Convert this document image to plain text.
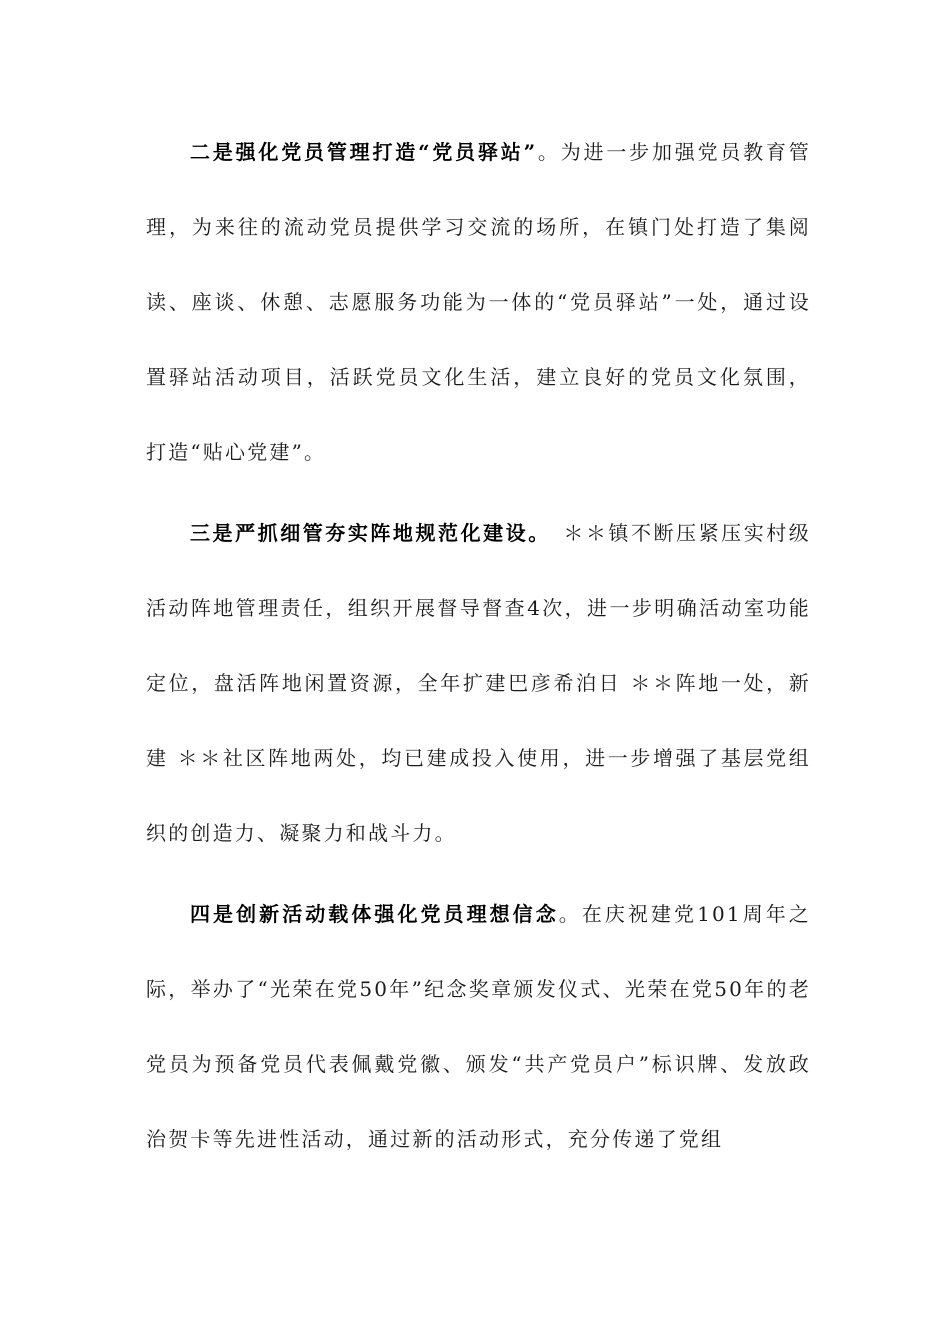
二是强化党员管理打造“党员驿站”。为进一步加强党员教育管理，为来往的流动党员提供学习交流的场所，在镇门处打造了集阅读、座谈、休憩、志愿服务功能为一体的“党员驿站”一处，通过设置驿站活动项目，活跃党员文化生活，建立良好的党员文化氛围，打造“贴心党建”。

三是严抓细管夯实阵地规范化建设。　＊＊镇不断压紧压实村级活动阵地管理责任，组织开展督导督查4次，进一步明确活动室功能定位，盘活阵地闲置资源，全年扩建巴彦希泊日 ＊＊阵地一处，新建 ＊＊社区阵地两处，均已建成投入使用，进一步增强了基层党组织的创造力、凝聚力和战斗力。

四是创新活动载体强化党员理想信念。在庆祝建党101周年之际，举办了“光荣在党50年”纪念奖章颁发仪式、光荣在党50年的老党员为预备党员代表佩戴党徽、颁发“共产党员户”标识牌、发放政治贺卡等先进性活动，通过新的活动形式，充分传递了党组
